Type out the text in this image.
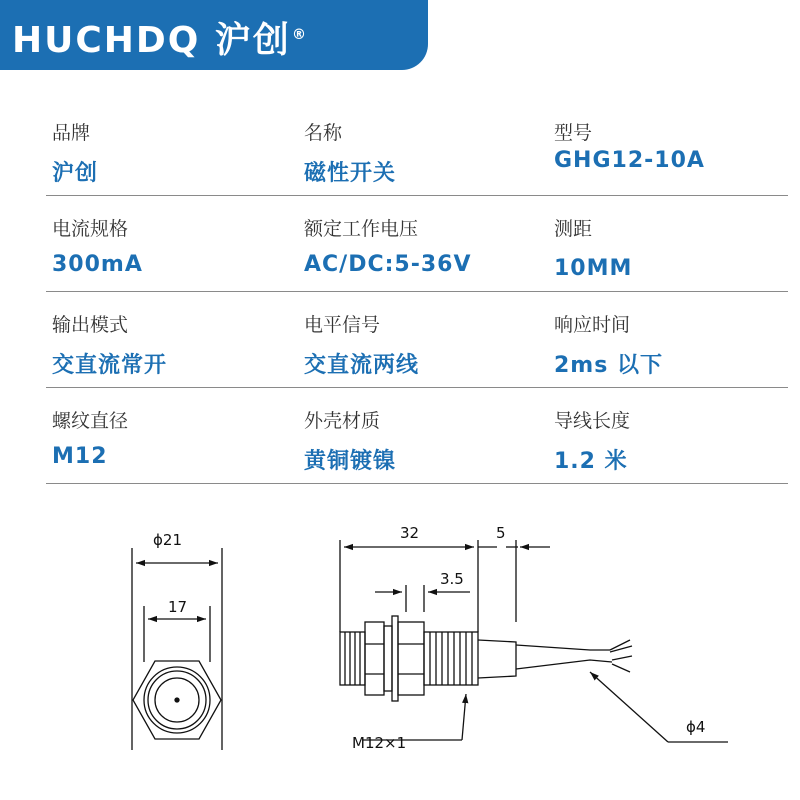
HUCHDQ 沪创®
品牌
沪创
名称
磁性开关
型号
GHG12-10A
电流规格
300mA
额定工作电压
AC/DC:5-36V
测距
10MM
输出模式
交直流常开
电平信号
交直流两线
响应时间
2ms 以下
螺纹直径
M12
外壳材质
黄铜镀镍
导线长度
1.2 米
ϕ21
17
32	5
3.5
M12×1
ϕ4
